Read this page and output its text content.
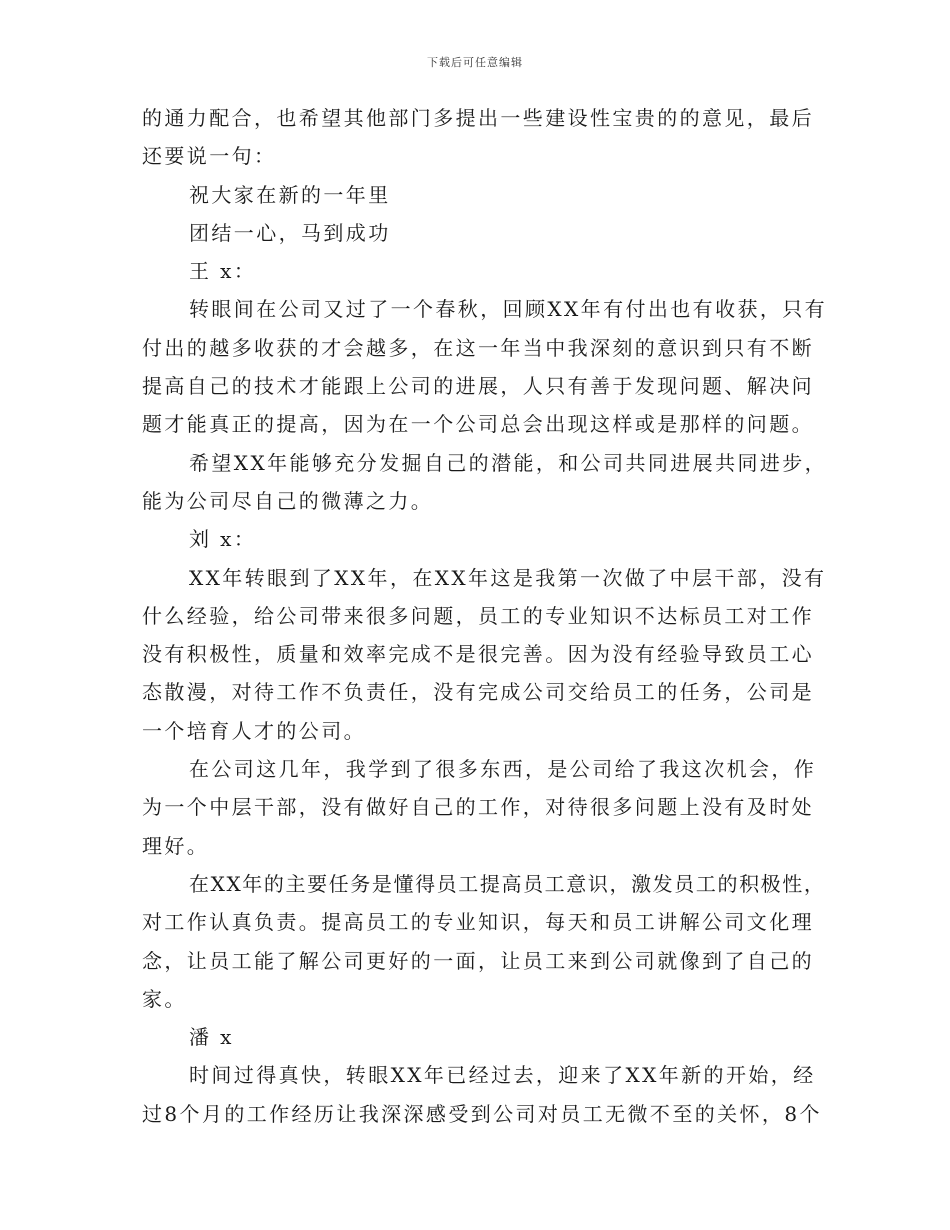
下载后可任意编辑
的通力配合，也希望其他部门多提出一些建设性宝贵的的意见，最后
还要说一句：
祝大家在新的一年里
团结一心，马到成功
王 x：
转眼间在公司又过了一个春秋，回顾XX年有付出也有收获，只有
付出的越多收获的才会越多，在这一年当中我深刻的意识到只有不断
提高自己的技术才能跟上公司的进展，人只有善于发现问题、解决问
题才能真正的提高，因为在一个公司总会出现这样或是那样的问题。
希望XX年能够充分发掘自己的潜能，和公司共同进展共同进步，
能为公司尽自己的微薄之力。
刘 x：
XX年转眼到了XX年，在XX年这是我第一次做了中层干部，没有
什么经验，给公司带来很多问题，员工的专业知识不达标员工对工作
没有积极性，质量和效率完成不是很完善。因为没有经验导致员工心
态散漫，对待工作不负责任，没有完成公司交给员工的任务，公司是
一个培育人才的公司。
在公司这几年，我学到了很多东西，是公司给了我这次机会，作
为一个中层干部，没有做好自己的工作，对待很多问题上没有及时处
理好。
在XX年的主要任务是懂得员工提高员工意识，激发员工的积极性，
对工作认真负责。提高员工的专业知识，每天和员工讲解公司文化理
念，让员工能了解公司更好的一面，让员工来到公司就像到了自己的
家。
潘 x
时间过得真快，转眼XX年已经过去，迎来了XX年新的开始，经
过8个月的工作经历让我深深感受到公司对员工无微不至的关怀，8个
